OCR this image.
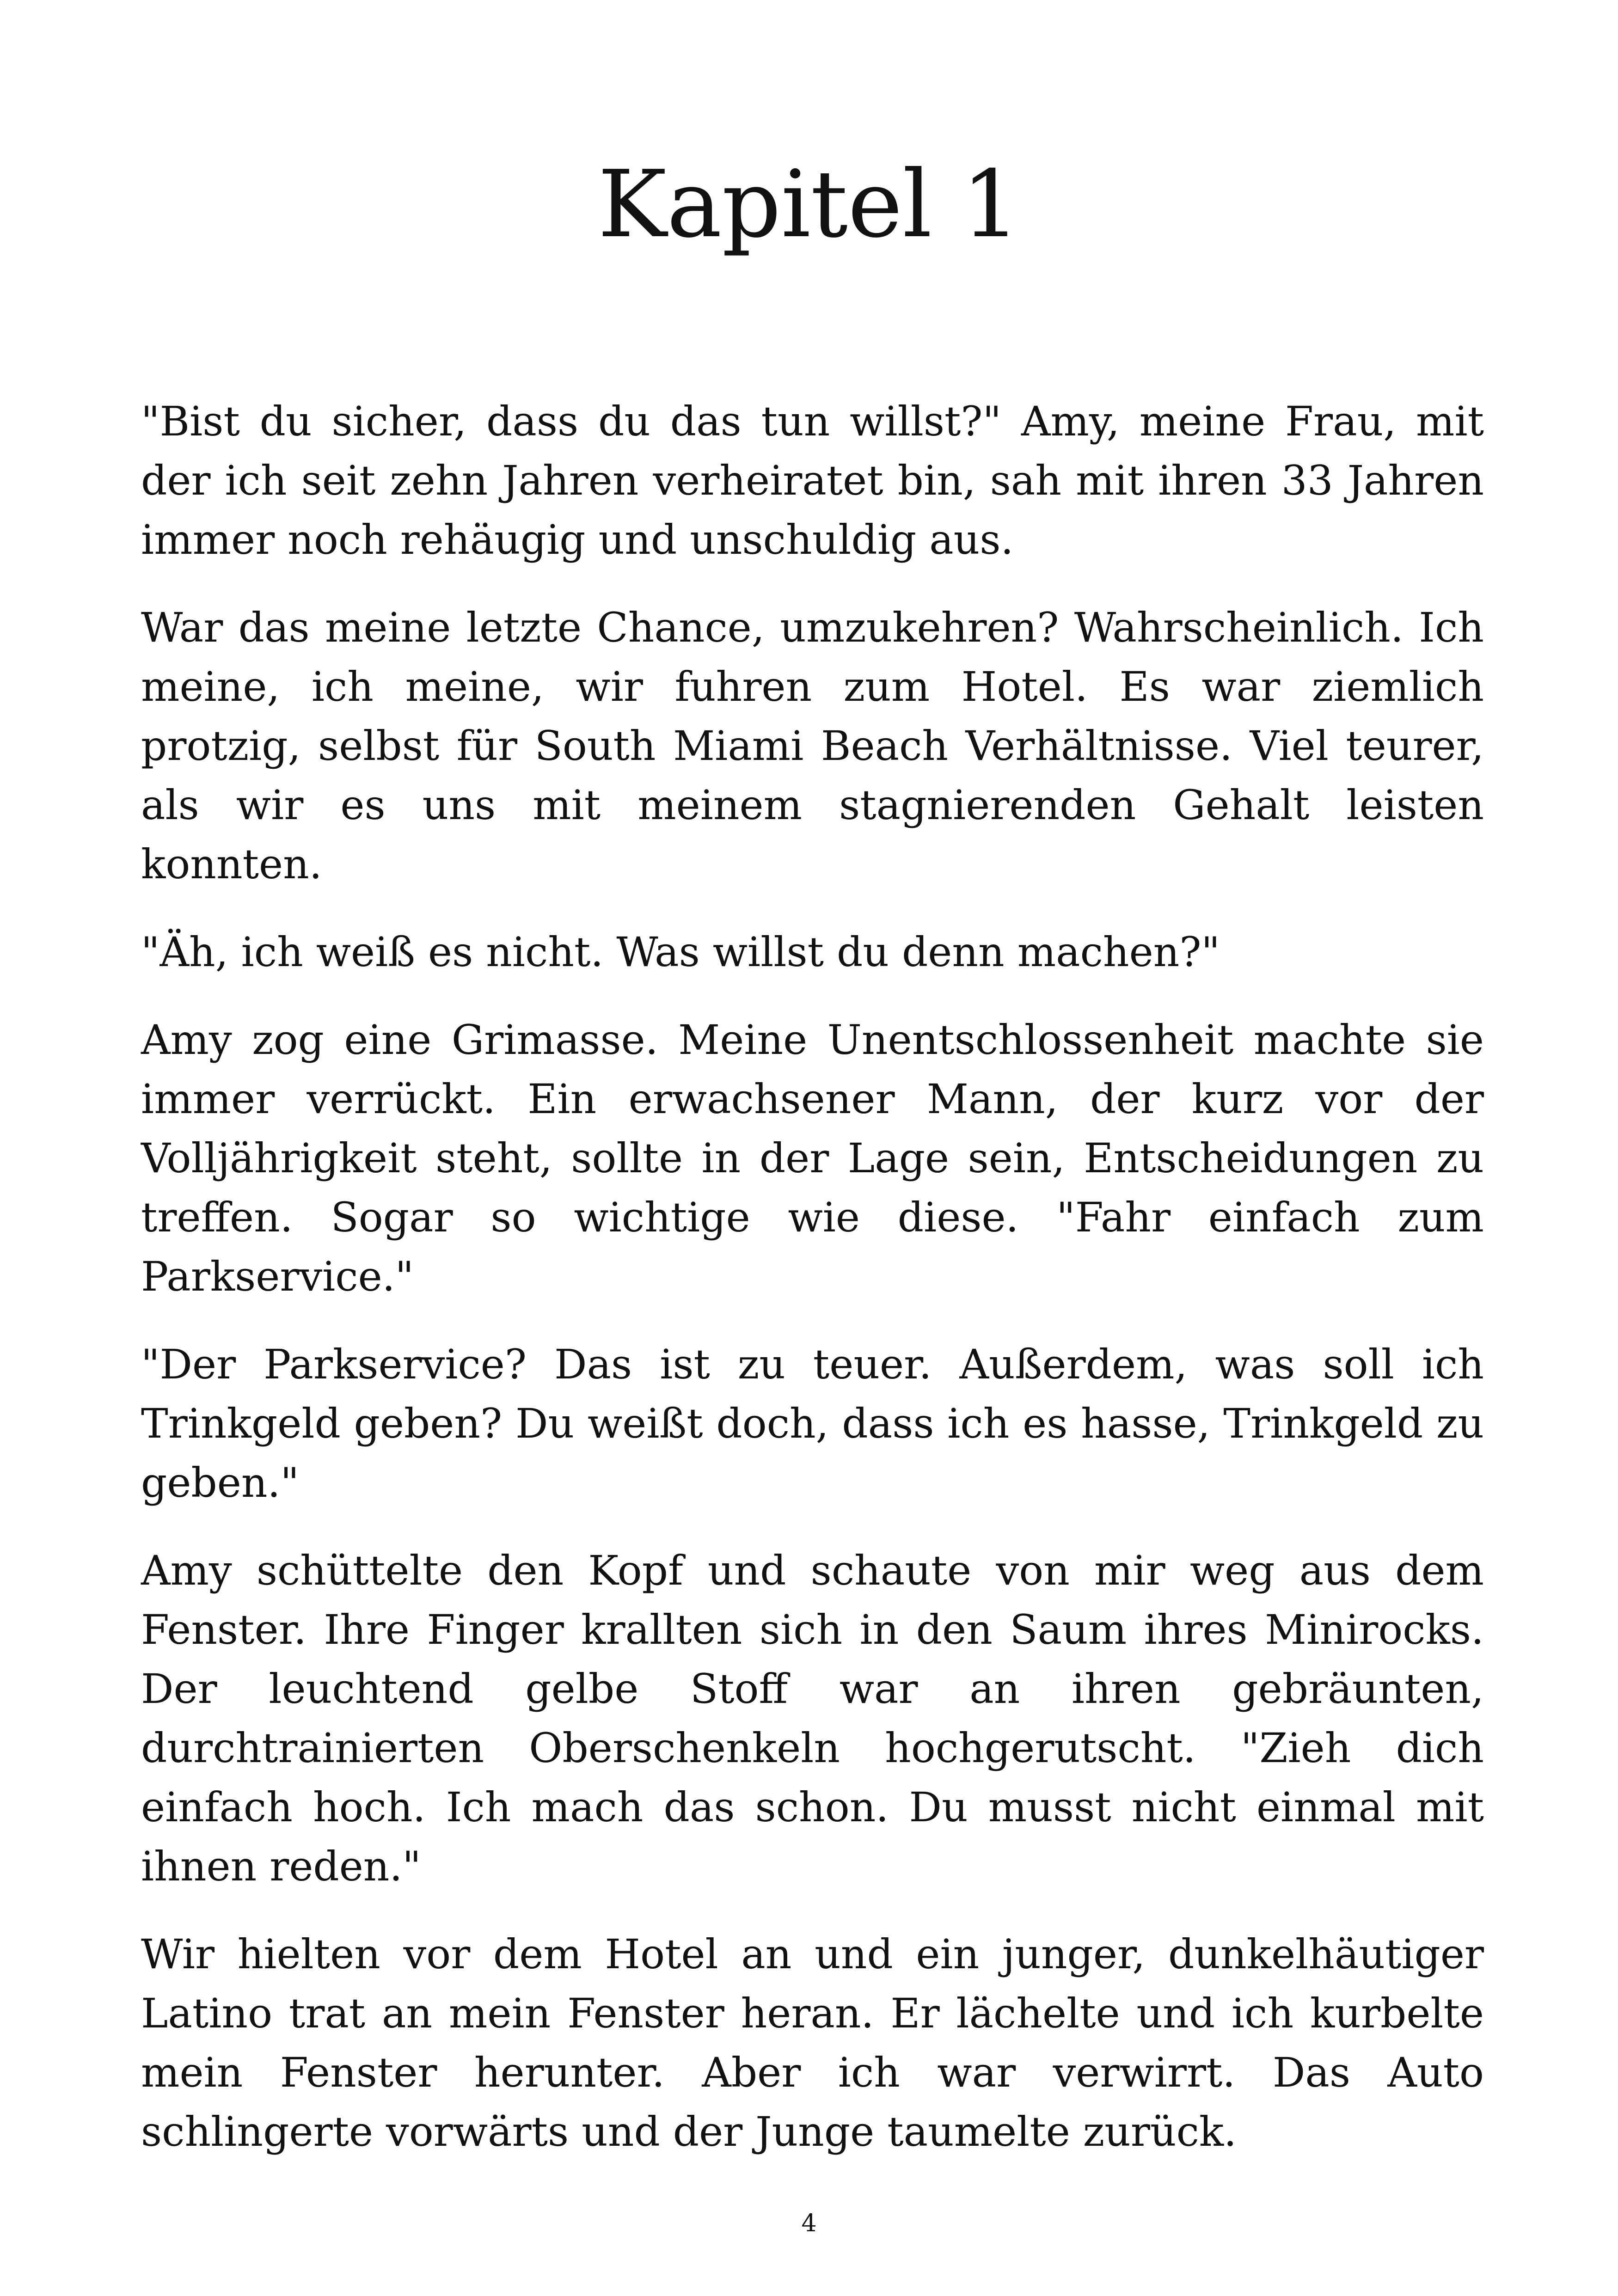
Kapitel 1

"Bist du sicher, dass du das tun willst?" Amy, meine Frau, mit der ich seit zehn Jahren verheiratet bin, sah mit ihren 33 Jahren immer noch rehäugig und unschuldig aus.

War das meine letzte Chance, umzukehren? Wahrscheinlich. Ich meine, ich meine, wir fuhren zum Hotel. Es war ziemlich protzig, selbst für South Miami Beach Verhältnisse. Viel teurer, als wir es uns mit meinem stagnierenden Gehalt leisten konnten.

"Äh, ich weiß es nicht. Was willst du denn machen?"

Amy zog eine Grimasse. Meine Unentschlossenheit machte sie immer verrückt. Ein erwachsener Mann, der kurz vor der Volljährigkeit steht, sollte in der Lage sein, Entscheidungen zu treffen. Sogar so wichtige wie diese. "Fahr einfach zum Parkservice."

"Der Parkservice? Das ist zu teuer. Außerdem, was soll ich Trinkgeld geben? Du weißt doch, dass ich es hasse, Trinkgeld zu geben."

Amy schüttelte den Kopf und schaute von mir weg aus dem Fenster. Ihre Finger krallten sich in den Saum ihres Minirocks. Der leuchtend gelbe Stoff war an ihren gebräunten, durchtrainierten Oberschenkeln hochgerutscht. "Zieh dich einfach hoch. Ich mach das schon. Du musst nicht einmal mit ihnen reden."

Wir hielten vor dem Hotel an und ein junger, dunkelhäutiger Latino trat an mein Fenster heran. Er lächelte und ich kurbelte mein Fenster herunter. Aber ich war verwirrt. Das Auto schlingerte vorwärts und der Junge taumelte zurück.

4
